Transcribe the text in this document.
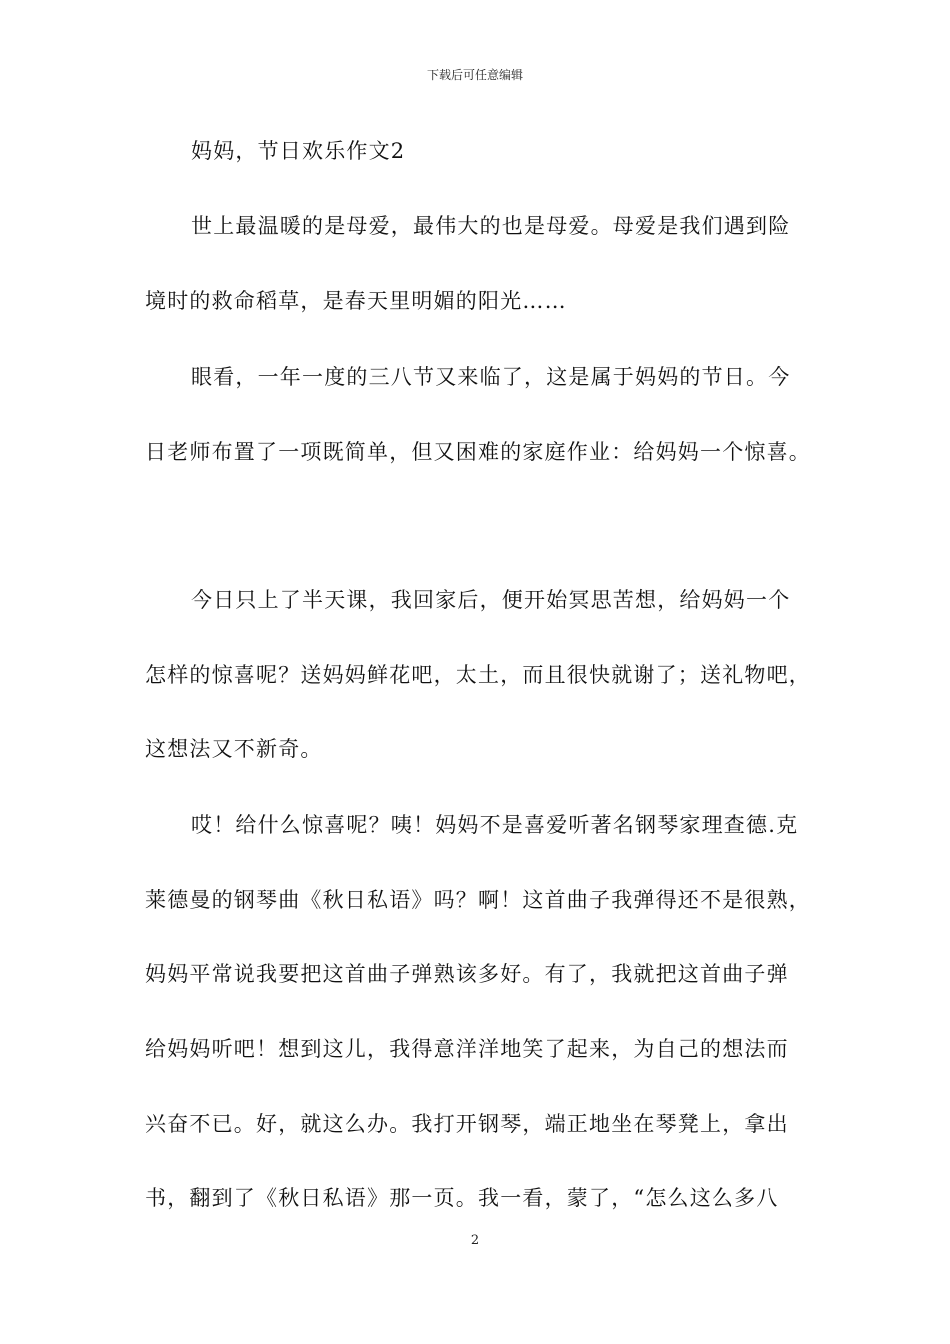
下载后可任意编辑
妈妈，节日欢乐作文2
世上最温暖的是母爱，最伟大的也是母爱。母爱是我们遇到险
境时的救命稻草，是春天里明媚的阳光……
眼看，一年一度的三八节又来临了，这是属于妈妈的节日。今
日老师布置了一项既简单，但又困难的家庭作业：给妈妈一个惊喜。
今日只上了半天课，我回家后，便开始冥思苦想，给妈妈一个
怎样的惊喜呢？送妈妈鲜花吧，太土，而且很快就谢了；送礼物吧，
这想法又不新奇。
哎！给什么惊喜呢？咦！妈妈不是喜爱听著名钢琴家理查德.克
莱德曼的钢琴曲《秋日私语》吗？啊！这首曲子我弹得还不是很熟，
妈妈平常说我要把这首曲子弹熟该多好。有了，我就把这首曲子弹
给妈妈听吧！想到这儿，我得意洋洋地笑了起来，为自己的想法而
兴奋不已。好，就这么办。我打开钢琴，端正地坐在琴凳上，拿出
书，翻到了《秋日私语》那一页。我一看，蒙了，“怎么这么多八
2
